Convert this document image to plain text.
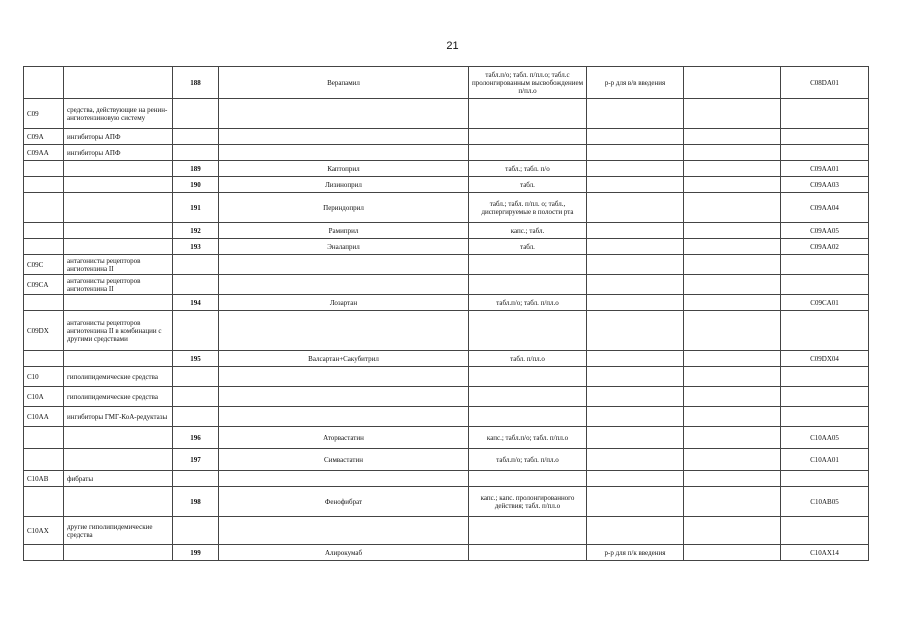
21
		188	Верапамил	табл.п/о; табл. п/пл.о; табл.с пролонгированным высвобождением п/пл.о	р-р для в/в введения		C08DA01
C09	средства, действующие на ренин-ангиотензиновую систему						
C09A	ингибиторы АПФ						
C09AA	ингибиторы АПФ						
		189	Каптоприл	табл.; табл. п/о			C09AA01
		190	Лизиноприл	табл.			C09AA03
		191	Периндоприл	табл.; табл. п/пл. о; табл., диспергируемые в полости рта			C09AA04
		192	Рамиприл	капс.; табл.			C09AA05
		193	Эналаприл	табл.			C09AA02
C09C	антагонисты рецепторов ангиотензина II						
C09CA	антагонисты рецепторов ангиотензина II						
		194	Лозартан	табл.п/о; табл. п/пл.о			C09CA01
C09DX	антагонисты рецепторов ангиотензина II в комбинации с другими средствами						
		195	Валсартан+Сакубитрил	табл. п/пл.о			C09DX04
C10	гиполипидемические средства						
C10A	гиполипидемические средства						
C10AA	ингибиторы ГМГ-КоА-редуктазы						
		196	Аторвастатин	капс.; табл.п/о; табл. п/пл.о			C10AA05
		197	Симвастатин	табл.п/о; табл. п/пл.о			C10AA01
C10AB	фибраты						
		198	Фенофибрат	капс.; капс. пролонгированного действия; табл. п/пл.о			C10AB05
C10AX	другие гиполипидемические средства						
		199	Алирокумаб		р-р для п/к введения		C10AX14
